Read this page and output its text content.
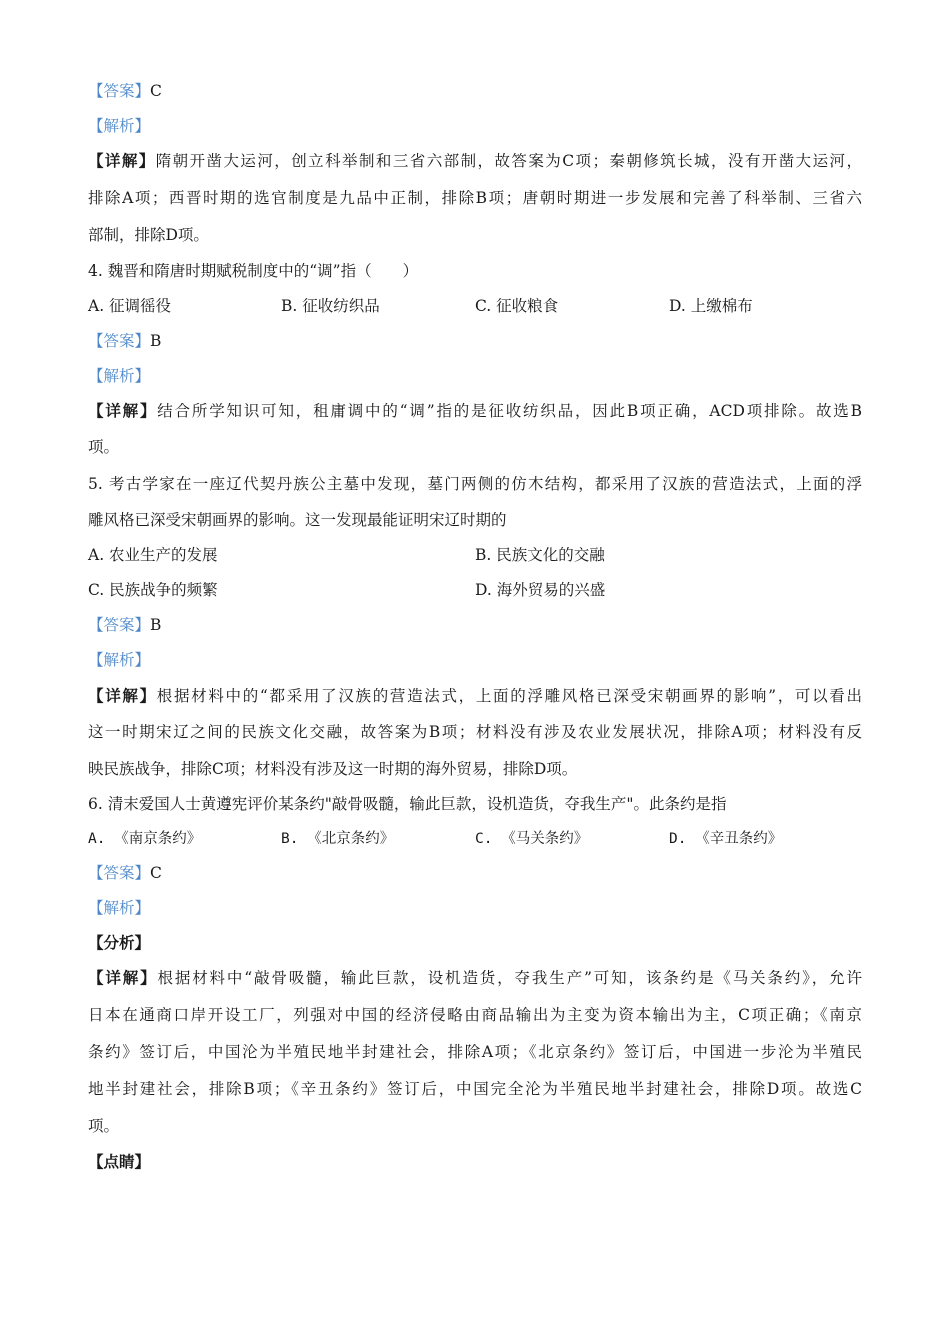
【答案】C
【解析】
【详解】隋朝开凿大运河，创立科举制和三省六部制，故答案为C项；秦朝修筑长城，没有开凿大运河，
排除A项；西晋时期的选官制度是九品中正制，排除B项；唐朝时期进一步发展和完善了科举制、三省六
部制，排除D项。
4. 魏晋和隋唐时期赋税制度中的“调”指（　　）
A. 征调徭役	B. 征收纺织品	C. 征收粮食	D. 上缴棉布
【答案】B
【解析】
【详解】结合所学知识可知，租庸调中的“调”指的是征收纺织品，因此B项正确，ACD项排除。故选B
项。
5. 考古学家在一座辽代契丹族公主墓中发现，墓门两侧的仿木结构，都采用了汉族的营造法式，上面的浮
雕风格已深受宋朝画界的影响。这一发现最能证明宋辽时期的
A. 农业生产的发展	B. 民族文化的交融
C. 民族战争的频繁	D. 海外贸易的兴盛
【答案】B
【解析】
【详解】根据材料中的“都采用了汉族的营造法式，上面的浮雕风格已深受宋朝画界的影响”，可以看出
这一时期宋辽之间的民族文化交融，故答案为B项；材料没有涉及农业发展状况，排除A项；材料没有反
映民族战争，排除C项；材料没有涉及这一时期的海外贸易，排除D项。
6. 清末爱国人士黄遵宪评价某条约"敲骨吸髓，输此巨款，设机造货，夺我生产"。此条约是指
A. 《南京条约》	B. 《北京条约》	C. 《马关条约》	D. 《辛丑条约》
【答案】C
【解析】
【分析】
【详解】根据材料中“敲骨吸髓，输此巨款，设机造货，夺我生产”可知，该条约是《马关条约》，允许
日本在通商口岸开设工厂，列强对中国的经济侵略由商品输出为主变为资本输出为主，C项正确；《南京
条约》签订后，中国沦为半殖民地半封建社会，排除A项；《北京条约》签订后，中国进一步沦为半殖民
地半封建社会，排除B项；《辛丑条约》签订后，中国完全沦为半殖民地半封建社会，排除D项。故选C
项。
【点睛】
